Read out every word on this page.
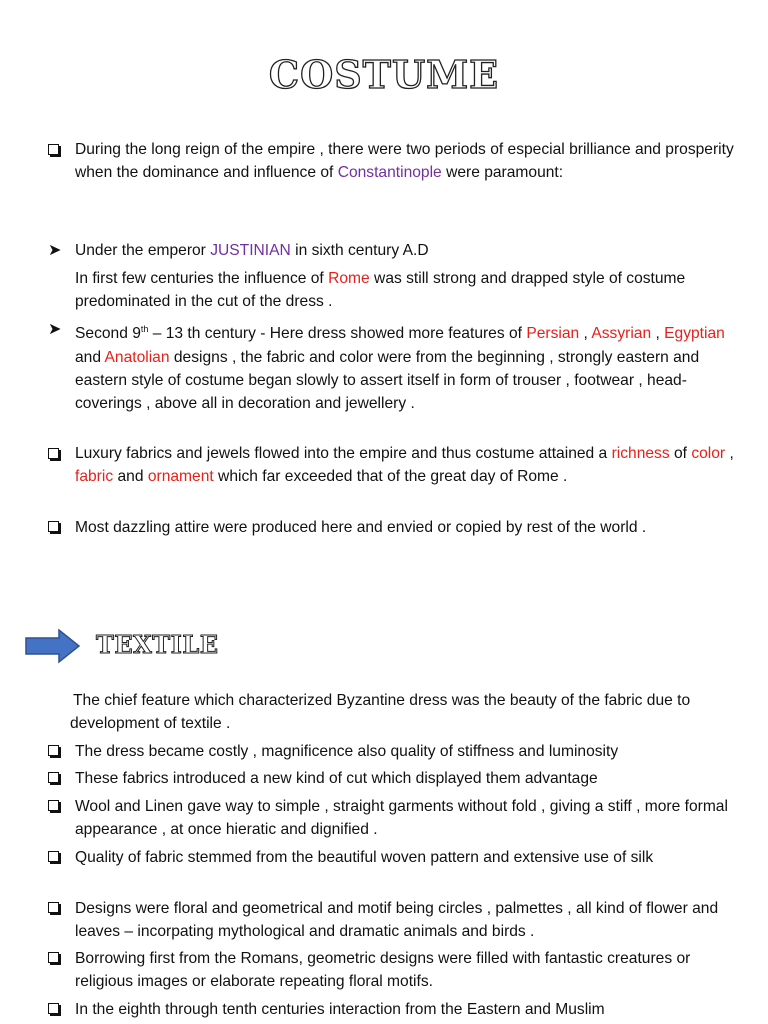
COSTUME

During the long reign of the empire , there were two periods of especial brilliance and prosperity when the dominance and influence of Constantinople were paramount:

➤ Under the emperor JUSTINIAN in sixth century A.D

In first few centuries the influence of Rome was still strong and drapped style of costume predominated in the cut of the dress .

➤ Second 9th – 13 th century - Here dress showed more features of Persian , Assyrian , Egyptian and Anatolian designs , the fabric and color were from the beginning , strongly eastern and eastern style of costume began slowly to assert itself in form of trouser , footwear , head-coverings , above all in decoration and jewellery .

Luxury fabrics and jewels flowed into the empire and thus costume attained a richness of color , fabric and ornament which far exceeded that of the great day of Rome .

Most dazzling attire were produced here and envied or copied by rest of the world .

TEXTILE

The chief feature which characterized Byzantine dress was the beauty of the fabric due to development of textile .

The dress became costly , magnificence also quality of stiffness and luminosity

These fabrics introduced a new kind of cut which displayed them advantage

Wool and Linen gave way to simple , straight garments without fold , giving a stiff , more formal appearance , at once hieratic and dignified .

Quality of fabric stemmed from the beautiful woven pattern and extensive use of silk

Designs were floral and geometrical and motif being circles , palmettes , all kind of flower and leaves – incorpating mythological and dramatic animals and birds .

Borrowing first from the Romans, geometric designs were filled with fantastic creatures or religious images or elaborate repeating floral motifs.

In the eighth through tenth centuries interaction from the Eastern and Muslim
